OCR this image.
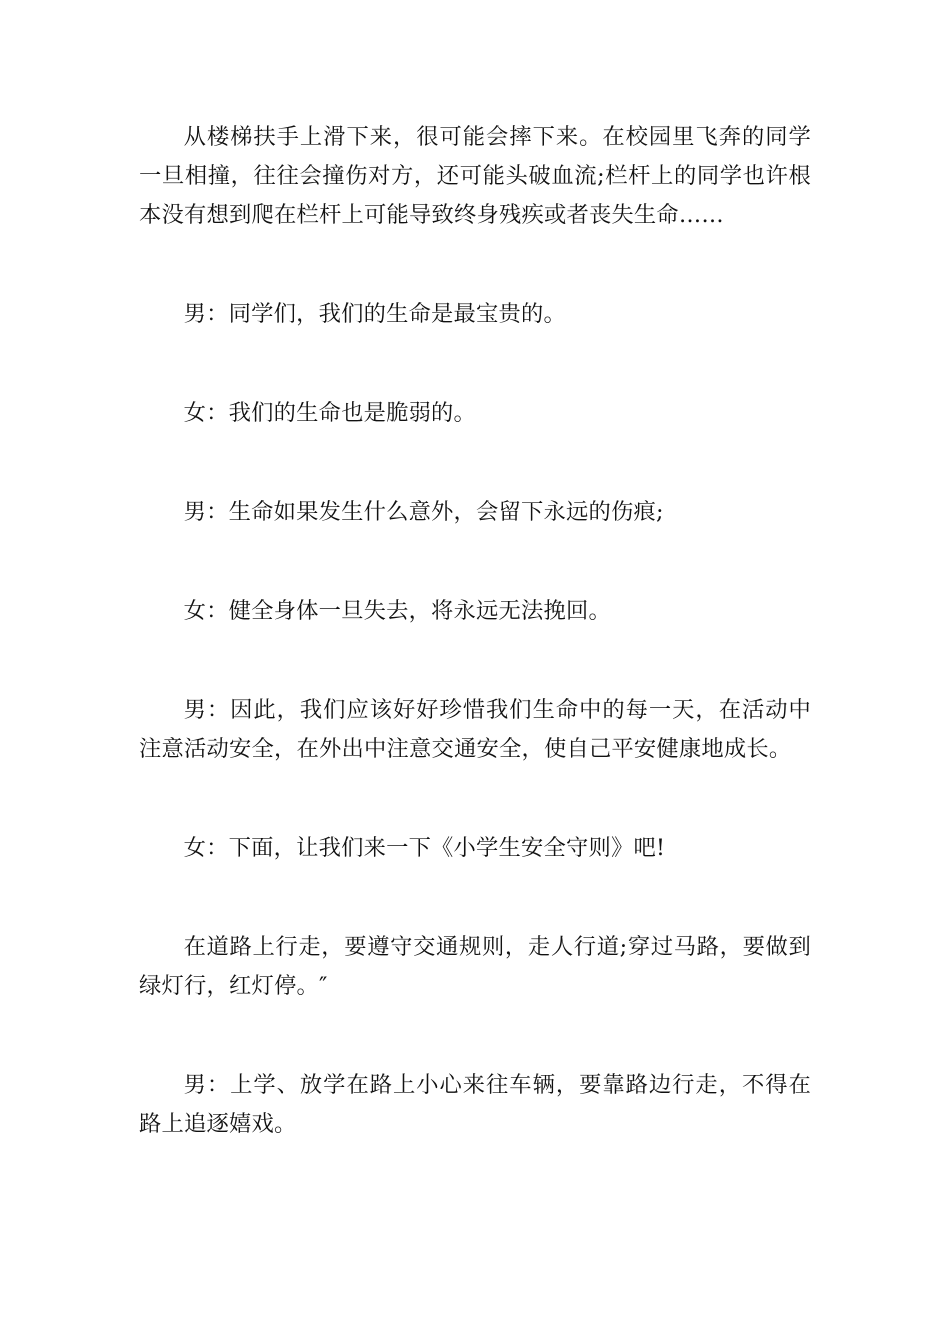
从楼梯扶手上滑下来，很可能会摔下来。在校园里飞奔的同学一旦相撞，往往会撞伤对方，还可能头破血流;栏杆上的同学也许根本没有想到爬在栏杆上可能导致终身残疾或者丧失生命……

男：同学们，我们的生命是最宝贵的。

女：我们的生命也是脆弱的。

男：生命如果发生什么意外，会留下永远的伤痕;

女：健全身体一旦失去，将永远无法挽回。

男：因此，我们应该好好珍惜我们生命中的每一天，在活动中注意活动安全，在外出中注意交通安全，使自己平安健康地成长。

女：下面，让我们来一下《小学生安全守则》吧!

在道路上行走，要遵守交通规则，走人行道;穿过马路，要做到绿灯行，红灯停。″

男：上学、放学在路上小心来往车辆，要靠路边行走，不得在路上追逐嬉戏。
